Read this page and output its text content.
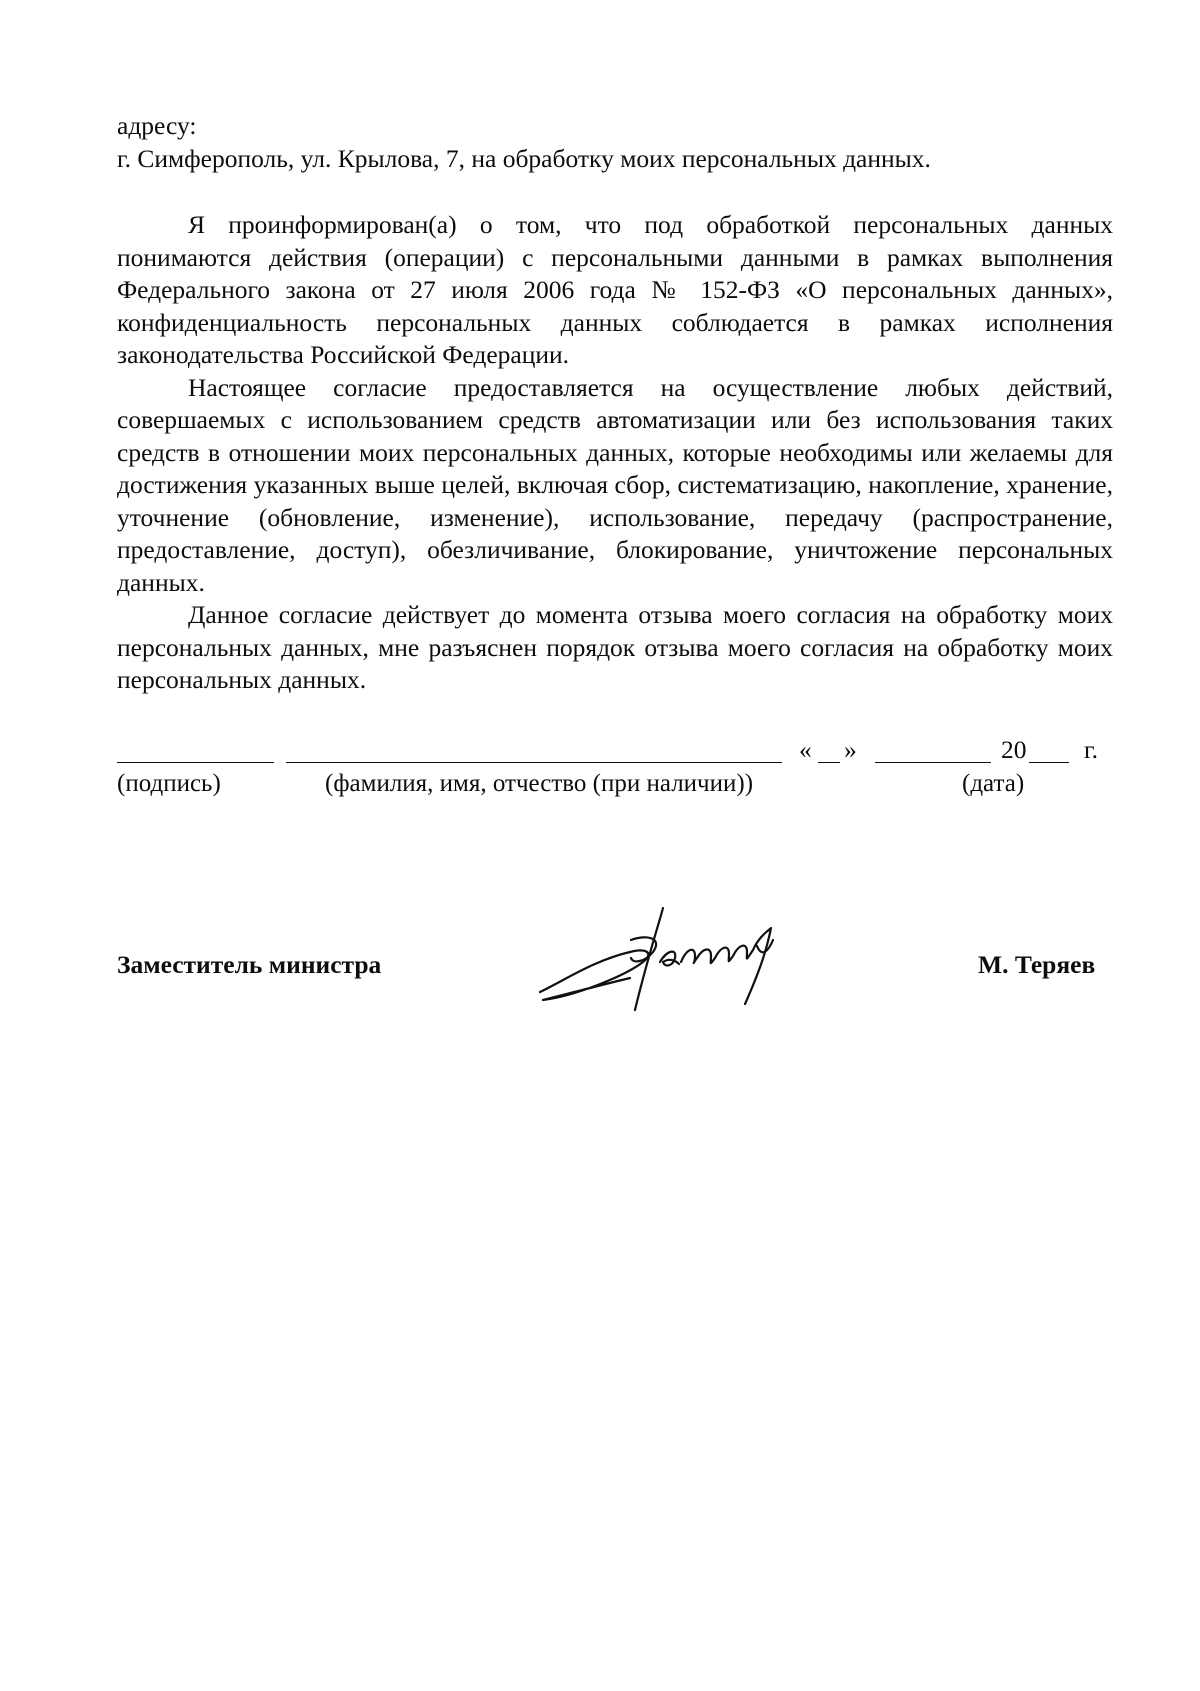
адресу:
г. Симферополь, ул. Крылова, 7, на обработку моих персональных данных.

Я проинформирован(а) о том, что под обработкой персональных данных понимаются действия (операции) с персональными данными в рамках выполнения Федерального закона от 27 июля 2006 года № 152-ФЗ «О персональных данных», конфиденциальность персональных данных соблюдается в рамках исполнения законодательства Российской Федерации.

Настоящее согласие предоставляется на осуществление любых действий, совершаемых с использованием средств автоматизации или без использования таких средств в отношении моих персональных данных, которые необходимы или желаемы для достижения указанных выше целей, включая сбор, систематизацию, накопление, хранение, уточнение (обновление, изменение), использование, передачу (распространение, предоставление, доступ), обезличивание, блокирование, уничтожение персональных данных.

Данное согласие действует до момента отзыва моего согласия на обработку моих персональных данных, мне разъяснен порядок отзыва моего согласия на обработку моих персональных данных.

« »	20 г.
(подпись)	(фамилия, имя, отчество (при наличии))	(дата)
Заместитель министра	М. Теряев
